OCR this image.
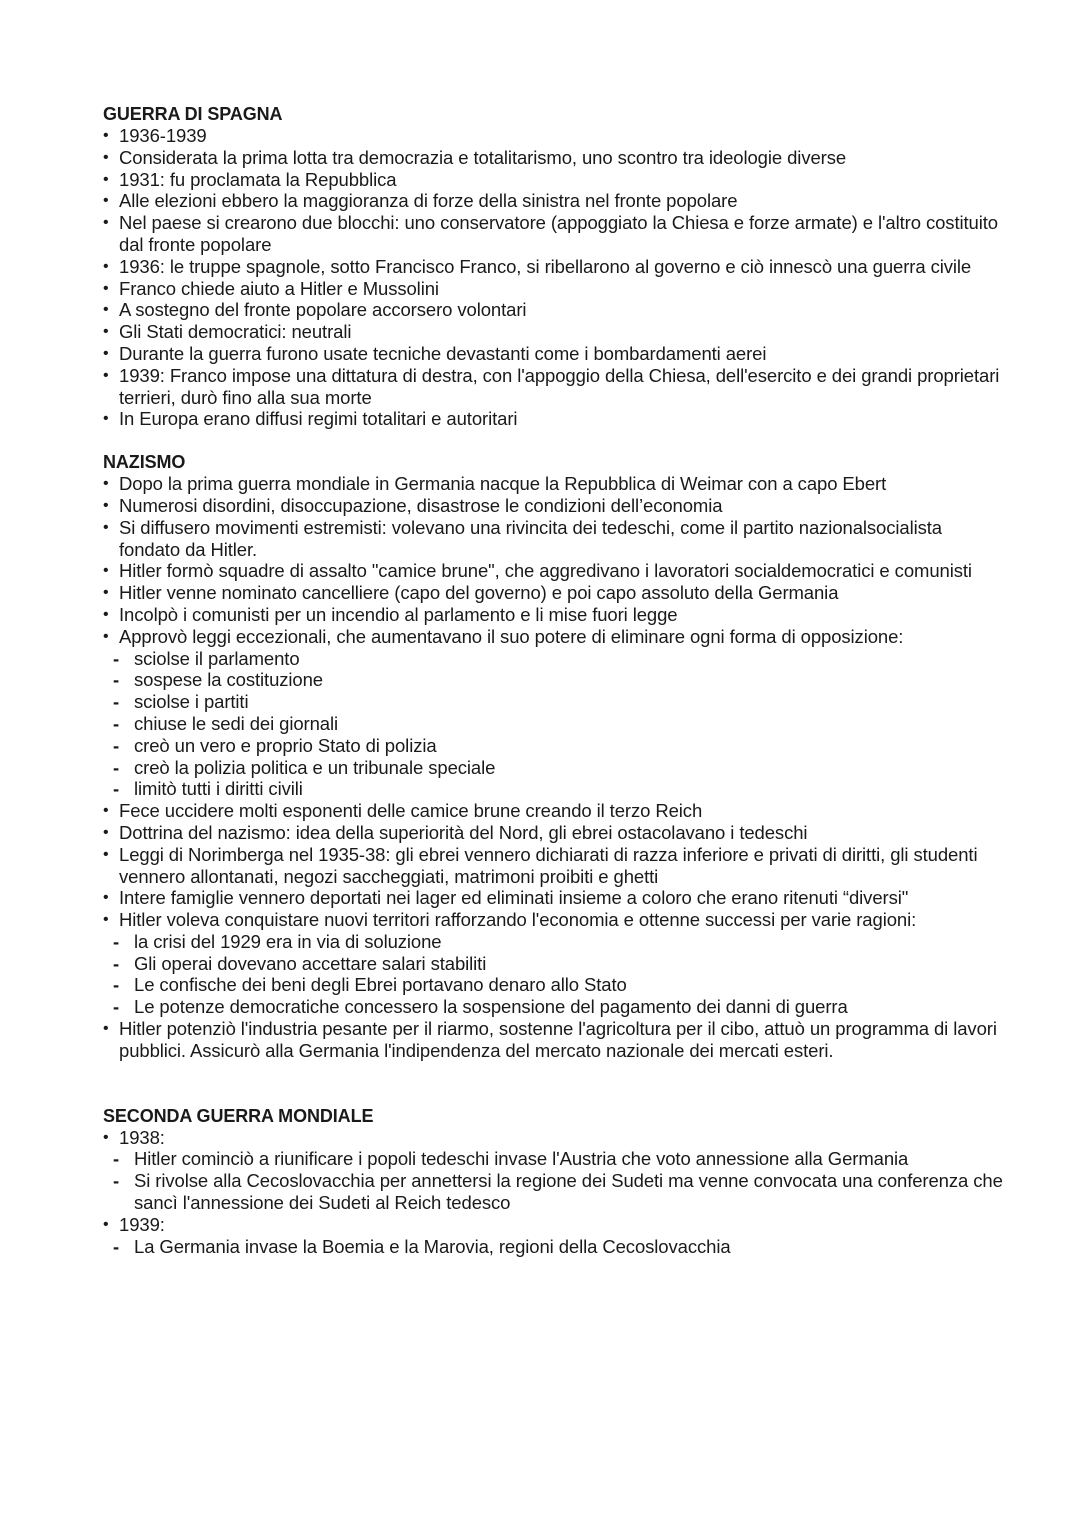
GUERRA DI SPAGNA
• 1936-1939
• Considerata la prima lotta tra democrazia e totalitarismo, uno scontro tra ideologie diverse
• 1931: fu proclamata la Repubblica
• Alle elezioni ebbero la maggioranza di forze della sinistra nel fronte popolare
• Nel paese si crearono due blocchi: uno conservatore (appoggiato la Chiesa e forze armate) e l'altro costituito dal fronte popolare
• 1936: le truppe spagnole, sotto Francisco Franco, si ribellarono al governo e ciò innescò una guerra civile
• Franco chiede aiuto a Hitler e Mussolini
• A sostegno del fronte popolare accorsero volontari
• Gli Stati democratici: neutrali
• Durante la guerra furono usate tecniche devastanti come i bombardamenti aerei
• 1939: Franco impose una dittatura di destra, con l'appoggio della Chiesa, dell'esercito e dei grandi proprietari terrieri, durò fino alla sua morte
• In Europa erano diffusi regimi totalitari e autoritari
NAZISMO
• Dopo la prima guerra mondiale in Germania nacque la Repubblica di Weimar con a capo Ebert
• Numerosi disordini, disoccupazione, disastrose le condizioni dell’economia
• Si diffusero movimenti estremisti: volevano una rivincita dei tedeschi, come il partito nazionalsocialista fondato da Hitler.
• Hitler formò squadre di assalto "camice brune", che aggredivano i lavoratori socialdemocratici e comunisti
• Hitler venne nominato cancelliere (capo del governo) e poi capo assoluto della Germania
• Incolpò i comunisti per un incendio al parlamento e li mise fuori legge
• Approvò leggi eccezionali, che aumentavano il suo potere di eliminare ogni forma di opposizione:
- sciolse il parlamento
- sospese la costituzione
- sciolse i partiti
- chiuse le sedi dei giornali
- creò un vero e proprio Stato di polizia
- creò la polizia politica e un tribunale speciale
- limitò tutti i diritti civili
• Fece uccidere molti esponenti delle camice brune creando il terzo Reich
• Dottrina del nazismo: idea della superiorità del Nord, gli ebrei ostacolavano i tedeschi
• Leggi di Norimberga nel 1935-38: gli ebrei vennero dichiarati di razza inferiore e privati di diritti, gli studenti vennero allontanati, negozi saccheggiati, matrimoni proibiti e ghetti
• Intere famiglie vennero deportati nei lager ed eliminati insieme a coloro che erano ritenuti “diversi"
• Hitler voleva conquistare nuovi territori rafforzando l'economia e ottenne successi per varie ragioni:
- la crisi del 1929 era in via di soluzione
- Gli operai dovevano accettare salari stabiliti
- Le confische dei beni degli Ebrei portavano denaro allo Stato
- Le potenze democratiche concessero la sospensione del pagamento dei danni di guerra
• Hitler potenziò l'industria pesante per il riarmo, sostenne l'agricoltura per il cibo, attuò un programma di lavori pubblici. Assicurò alla Germania l'indipendenza del mercato nazionale dei mercati esteri.
SECONDA GUERRA MONDIALE
• 1938:
- Hitler cominciò a riunificare i popoli tedeschi invase l'Austria che voto annessione alla Germania
- Si rivolse alla Cecoslovacchia per annettersi la regione dei Sudeti ma venne convocata una conferenza che sancì l'annessione dei Sudeti al Reich tedesco
• 1939:
- La Germania invase la Boemia e la Marovia, regioni della Cecoslovacchia
